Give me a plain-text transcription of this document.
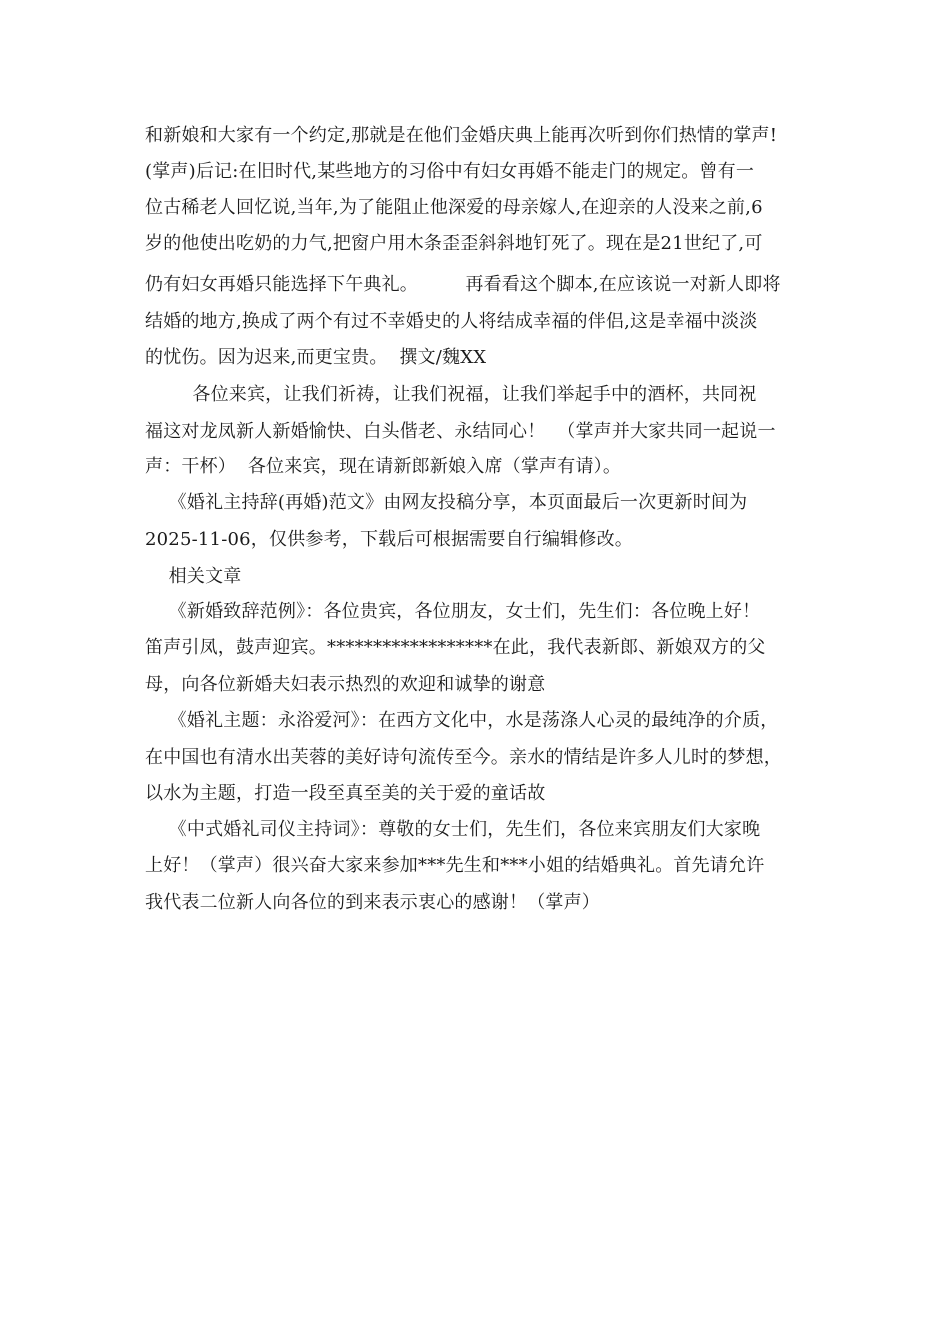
和新娘和大家有一个约定,那就是在他们金婚庆典上能再次听到你们热情的掌声!
(掌声)后记:在旧时代,某些地方的习俗中有妇女再婚不能走门的规定。曾有一
位古稀老人回忆说,当年,为了能阻止他深爱的母亲嫁人,在迎亲的人没来之前,6
岁的他使出吃奶的力气,把窗户用木条歪歪斜斜地钉死了。现在是21世纪了,可
仍有妇女再婚只能选择下午典礼。        再看看这个脚本,在应该说一对新人即将
结婚的地方,换成了两个有过不幸婚史的人将结成幸福的伴侣,这是幸福中淡淡
的忧伤。因为迟来,而更宝贵。  撰文/魏XX
各位来宾，让我们祈祷，让我们祝福，让我们举起手中的酒杯，共同祝
福这对龙凤新人新婚愉快、白头偕老、永结同心！  （掌声并大家共同一起说一
声：干杯）  各位来宾，现在请新郎新娘入席（掌声有请）。
《婚礼主持辞(再婚)范文》由网友投稿分享，本页面最后一次更新时间为
2025-11-06，仅供参考，下载后可根据需要自行编辑修改。
相关文章
《新婚致辞范例》：各位贵宾，各位朋友，女士们，先生们：各位晚上好！
笛声引凤，鼓声迎宾。******************在此，我代表新郎、新娘双方的父
母，向各位新婚夫妇表示热烈的欢迎和诚挚的谢意
《婚礼主题：永浴爱河》：在西方文化中，水是荡涤人心灵的最纯净的介质，
在中国也有清水出芙蓉的美好诗句流传至今。亲水的情结是许多人儿时的梦想，
以水为主题，打造一段至真至美的关于爱的童话故
《中式婚礼司仪主持词》：尊敬的女士们，先生们，各位来宾朋友们大家晚
上好！（掌声）很兴奋大家来参加***先生和***小姐的结婚典礼。首先请允许
我代表二位新人向各位的到来表示衷心的感谢！（掌声）
